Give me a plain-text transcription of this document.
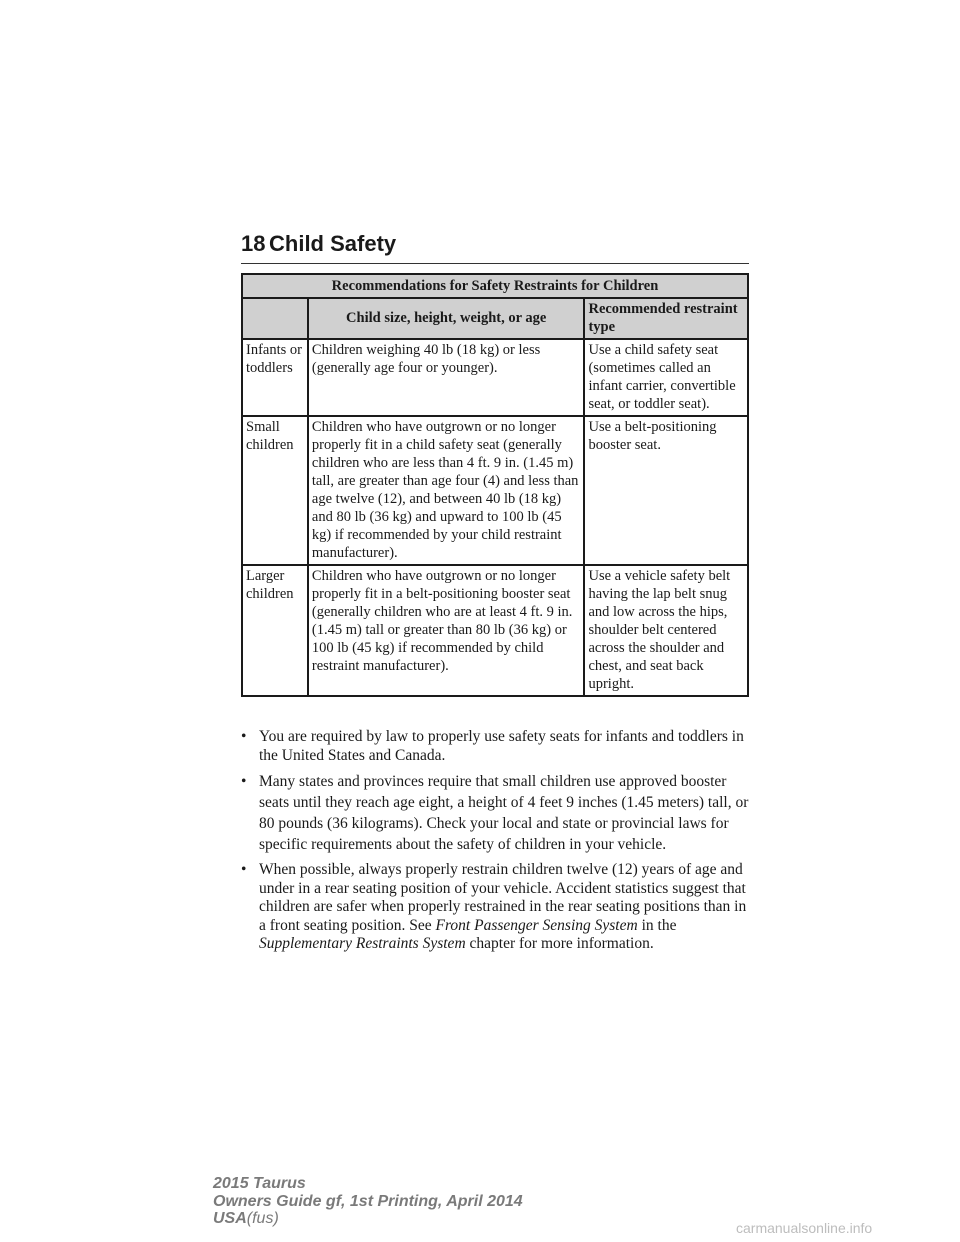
18 Child Safety
Recommendations for Safety Restraints for Children		
	Child size, height, weight, or age	Recommended restraint type
Infants or toddlers	Children weighing 40 lb (18 kg) or less (generally age four or younger).	Use a child safety seat (sometimes called an infant carrier, convertible seat, or toddler seat).
Small children	Children who have outgrown or no longer properly fit in a child safety seat (generally children who are less than 4 ft. 9 in. (1.45 m) tall, are greater than age four (4) and less than age twelve (12), and between 40 lb (18 kg) and 80 lb (36 kg) and upward to 100 lb (45 kg) if recommended by your child restraint manufacturer).	Use a belt-positioning booster seat.
Larger children	Children who have outgrown or no longer properly fit in a belt-positioning booster seat (generally children who are at least 4 ft. 9 in. (1.45 m) tall or greater than 80 lb (36 kg) or 100 lb (45 kg) if recommended by child restraint manufacturer).	Use a vehicle safety belt having the lap belt snug and low across the hips, shoulder belt centered across the shoulder and chest, and seat back upright.
• You are required by law to properly use safety seats for infants and toddlers in the United States and Canada.
• Many states and provinces require that small children use approved booster seats until they reach age eight, a height of 4 feet 9 inches (1.45 meters) tall, or 80 pounds (36 kilograms). Check your local and state or provincial laws for specific requirements about the safety of children in your vehicle.
• When possible, always properly restrain children twelve (12) years of age and under in a rear seating position of your vehicle. Accident statistics suggest that children are safer when properly restrained in the rear seating positions than in a front seating position. See Front Passenger Sensing System in the Supplementary Restraints System chapter for more information.
2015 Taurus
Owners Guide gf, 1st Printing, April 2014
USA(fus)
carmanualsonline.info
